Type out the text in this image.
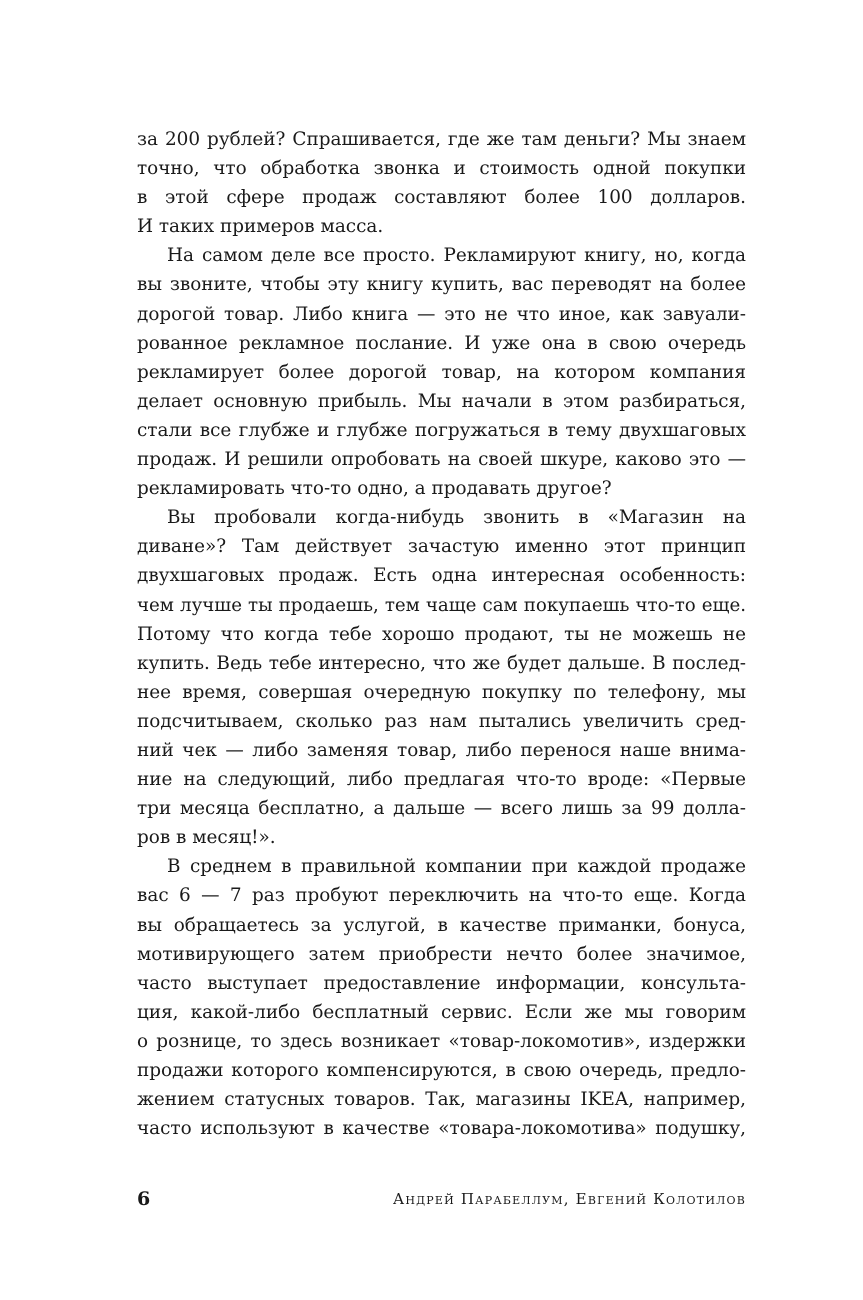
за 200 рублей? Спрашивается, где же там деньги? Мы знаем
точно, что обработка звонка и стоимость одной покупки
в этой сфере продаж составляют более 100 долларов.
И таких примеров масса.
На самом деле все просто. Рекламируют книгу, но, когда
вы звоните, чтобы эту книгу купить, вас переводят на более
дорогой товар. Либо книга — это не что иное, как завуали-
рованное рекламное послание. И уже она в свою очередь
рекламирует более дорогой товар, на котором компания
делает основную прибыль. Мы начали в этом разбираться,
стали все глубже и глубже погружаться в тему двухшаговых
продаж. И решили опробовать на своей шкуре, каково это —
рекламировать что-то одно, а продавать другое?
Вы пробовали когда-нибудь звонить в «Магазин на
диване»? Там действует зачастую именно этот принцип
двухшаговых продаж. Есть одна интересная особенность:
чем лучше ты продаешь, тем чаще сам покупаешь что-то еще.
Потому что когда тебе хорошо продают, ты не можешь не
купить. Ведь тебе интересно, что же будет дальше. В послед-
нее время, совершая очередную покупку по телефону, мы
подсчитываем, сколько раз нам пытались увеличить сред-
ний чек — либо заменяя товар, либо перенося наше внима-
ние на следующий, либо предлагая что-то вроде: «Первые
три месяца бесплатно, а дальше — всего лишь за 99 долла-
ров в месяц!».
В среднем в правильной компании при каждой продаже
вас 6 — 7 раз пробуют переключить на что-то еще. Когда
вы обращаетесь за услугой, в качестве приманки, бонуса,
мотивирующего затем приобрести нечто более значимое,
часто выступает предоставление информации, консульта-
ция, какой-либо бесплатный сервис. Если же мы говорим
о рознице, то здесь возникает «товар-локомотив», издержки
продажи которого компенсируются, в свою очередь, предло-
жением статусных товаров. Так, магазины IKEA, например,
часто используют в качестве «товара-локомотива» подушку,
6	Андрей Парабеллум, Евгений Колотилов
